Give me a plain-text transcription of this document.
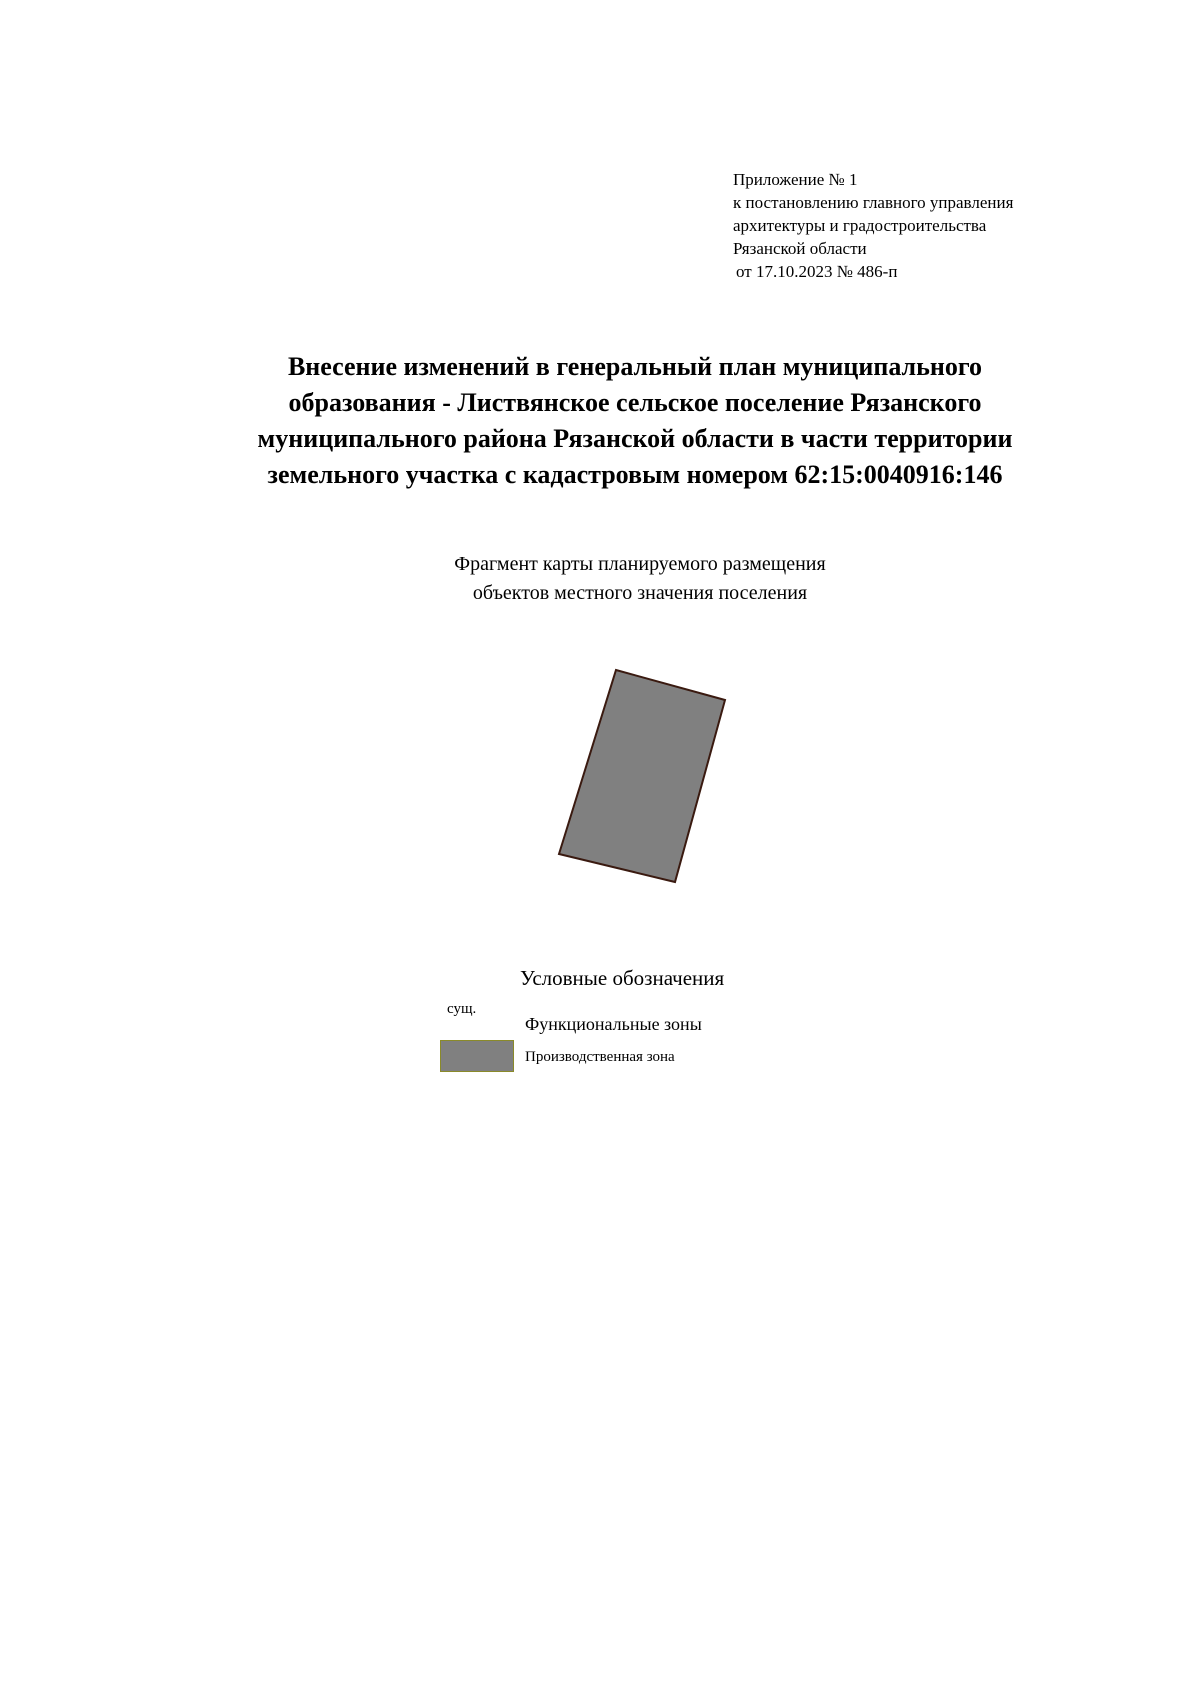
Приложение № 1
к постановлению главного управления
архитектуры и градостроительства
Рязанской области
от 17.10.2023 № 486-п
Внесение изменений в генеральный план муниципального
образования - Листвянское сельское поселение Рязанского
муниципального района Рязанской области в части территории
земельного участка с кадастровым номером 62:15:0040916:146
Фрагмент карты планируемого размещения
объектов местного значения поселения
Условные обозначения
сущ.
Функциональные зоны
Производственная зона
